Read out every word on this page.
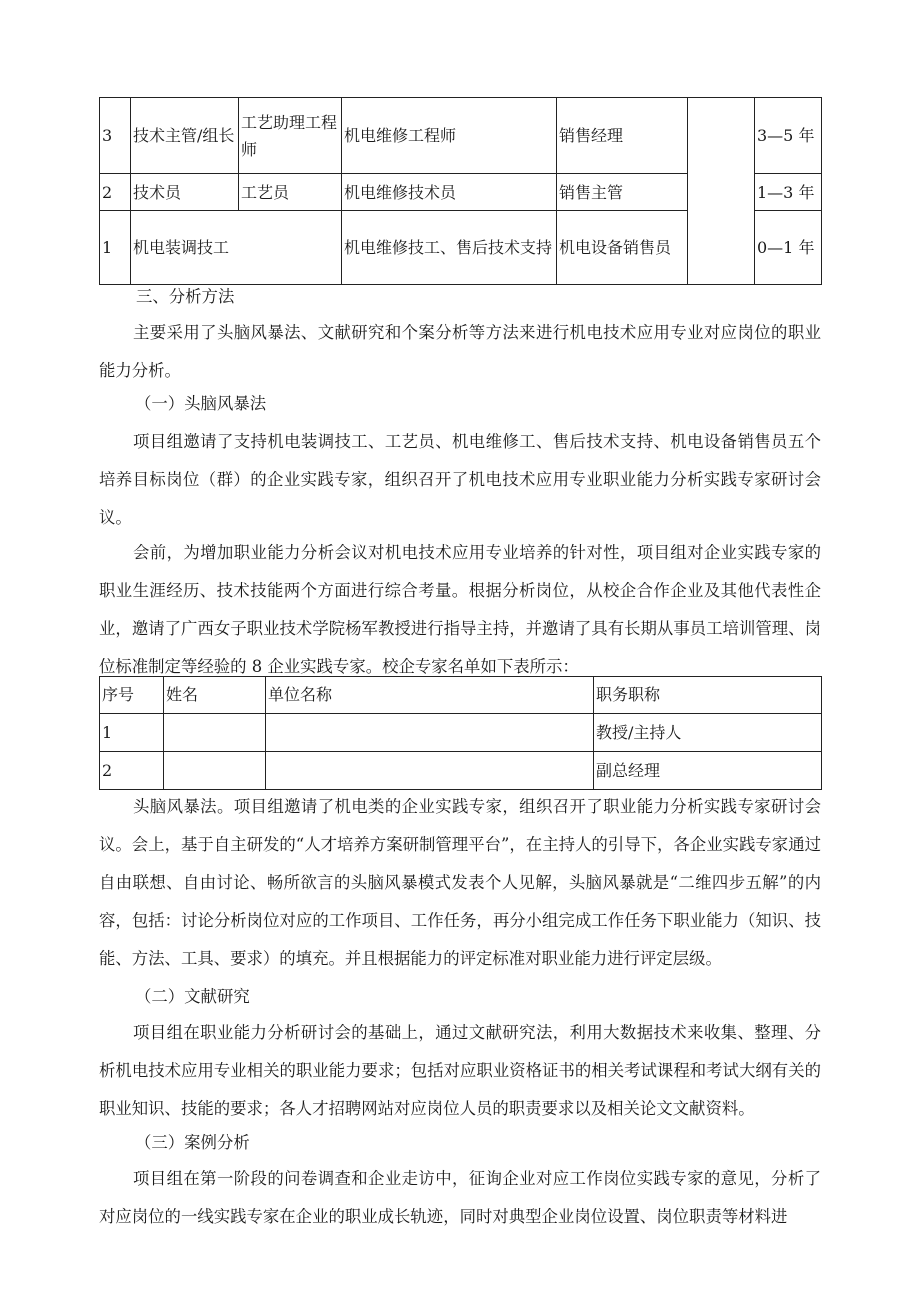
3	技术主管/组长	工艺助理工程师	机电维修工程师	销售经理		3—5 年
2	技术员	工艺员	机电维修技术员	销售主管		1—3 年
1	机电装调技工		机电维修技工、售后技术支持	机电设备销售员		0—1 年

三、分析方法

主要采用了头脑风暴法、文献研究和个案分析等方法来进行机电技术应用专业对应岗位的职业能力分析。

（一）头脑风暴法

项目组邀请了支持机电装调技工、工艺员、机电维修工、售后技术支持、机电设备销售员五个培养目标岗位（群）的企业实践专家，组织召开了机电技术应用专业职业能力分析实践专家研讨会议。

会前，为增加职业能力分析会议对机电技术应用专业培养的针对性，项目组对企业实践专家的职业生涯经历、技术技能两个方面进行综合考量。根据分析岗位，从校企合作企业及其他代表性企业，邀请了广西女子职业技术学院杨军教授进行指导主持，并邀请了具有长期从事员工培训管理、岗位标准制定等经验的 8 企业实践专家。校企专家名单如下表所示：

序号	姓名	单位名称	职务职称
1			教授/主持人
2			副总经理

头脑风暴法。项目组邀请了机电类的企业实践专家，组织召开了职业能力分析实践专家研讨会议。会上，基于自主研发的“人才培养方案研制管理平台”，在主持人的引导下，各企业实践专家通过自由联想、自由讨论、畅所欲言的头脑风暴模式发表个人见解，头脑风暴就是“二维四步五解”的内容，包括：讨论分析岗位对应的工作项目、工作任务，再分小组完成工作任务下职业能力（知识、技能、方法、工具、要求）的填充。并且根据能力的评定标准对职业能力进行评定层级。

（二）文献研究

项目组在职业能力分析研讨会的基础上，通过文献研究法，利用大数据技术来收集、整理、分析机电技术应用专业相关的职业能力要求；包括对应职业资格证书的相关考试课程和考试大纲有关的职业知识、技能的要求；各人才招聘网站对应岗位人员的职责要求以及相关论文文献资料。

（三）案例分析

项目组在第一阶段的问卷调查和企业走访中，征询企业对应工作岗位实践专家的意见，分析了对应岗位的一线实践专家在企业的职业成长轨迹，同时对典型企业岗位设置、岗位职责等材料进
